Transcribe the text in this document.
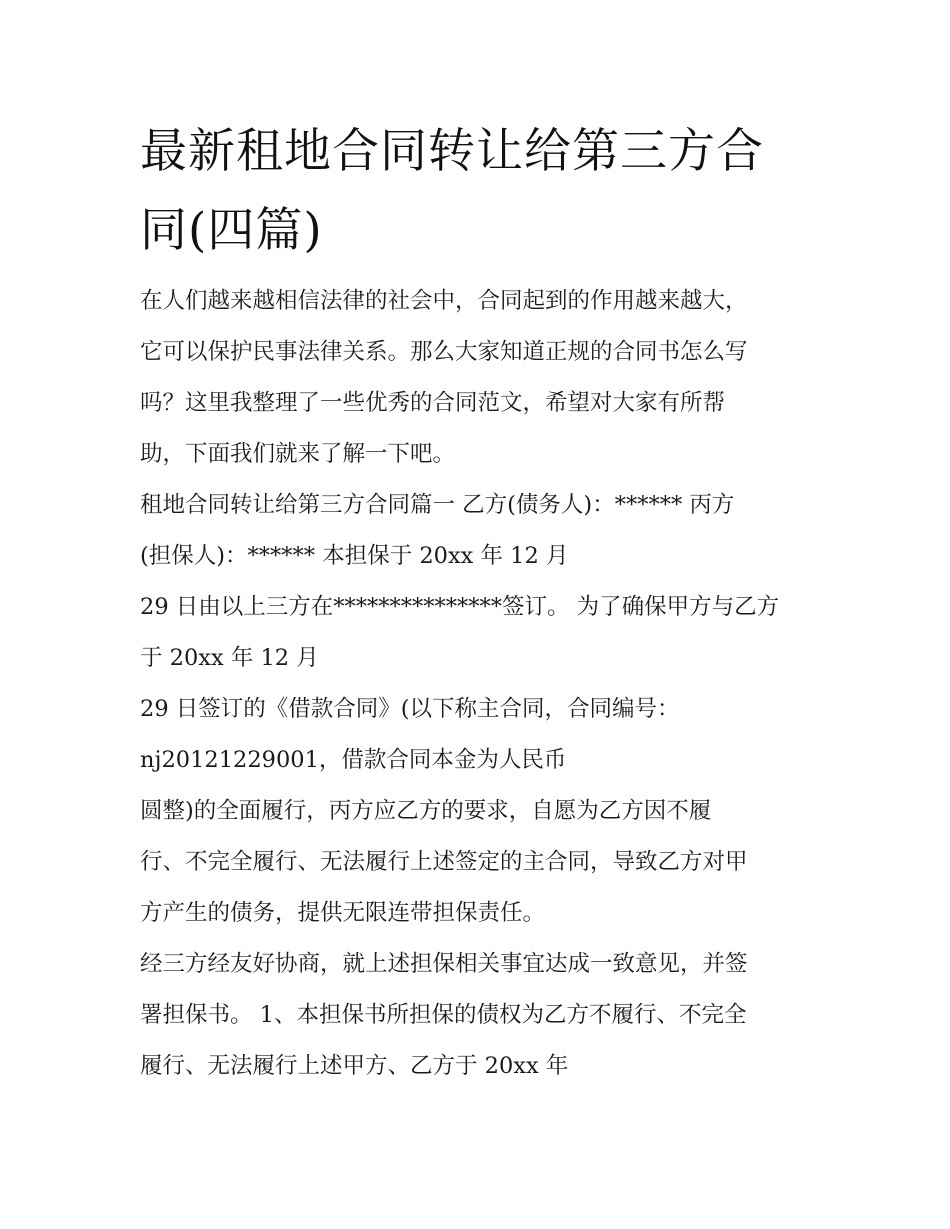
最新租地合同转让给第三方合
同(四篇)
在人们越来越相信法律的社会中，合同起到的作用越来越大，
它可以保护民事法律关系。那么大家知道正规的合同书怎么写
吗？这里我整理了一些优秀的合同范文，希望对大家有所帮
助，下面我们就来了解一下吧。
租地合同转让给第三方合同篇一 乙方(债务人)：****** 丙方
(担保人)：****** 本担保于 20xx 年 12 月
29 日由以上三方在***************签订。 为了确保甲方与乙方
于 20xx 年 12 月
29 日签订的《借款合同》(以下称主合同，合同编号：
nj20121229001，借款合同本金为人民币
圆整)的全面履行，丙方应乙方的要求，自愿为乙方因不履
行、不完全履行、无法履行上述签定的主合同，导致乙方对甲
方产生的债务，提供无限连带担保责任。
经三方经友好协商，就上述担保相关事宜达成一致意见，并签
署担保书。 1、本担保书所担保的债权为乙方不履行、不完全
履行、无法履行上述甲方、乙方于 20xx 年
